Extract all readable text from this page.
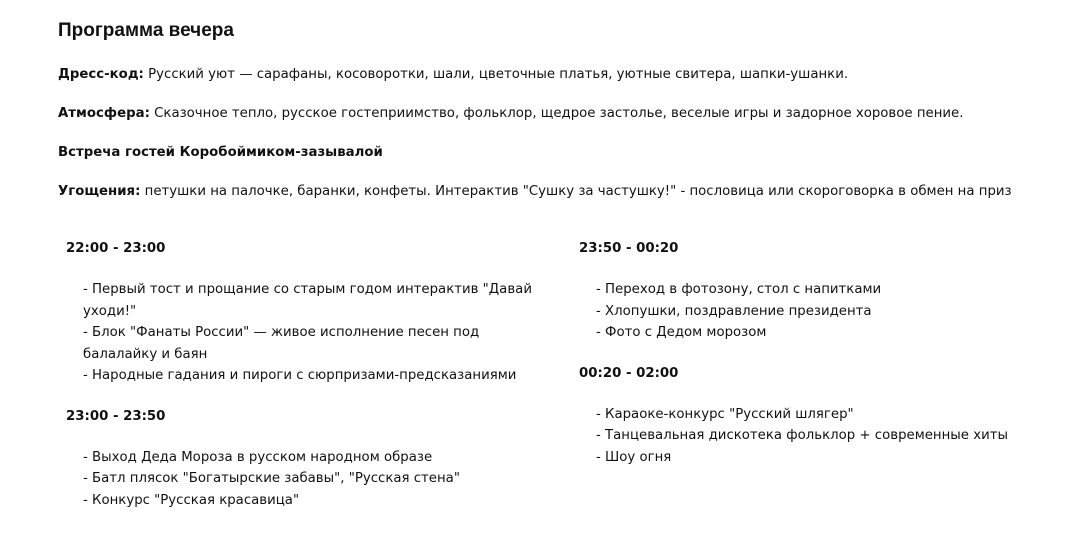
Программа вечера

Дресс-код: Русский уют — сарафаны, косоворотки, шали, цветочные платья, уютные свитера, шапки-ушанки.

Атмосфера: Сказочное тепло, русское гостеприимство, фольклор, щедрое застолье, веселые игры и задорное хоровое пение.

Встреча гостей Коробоймиком-зазывалой

Угощения: петушки на палочке, баранки, конфеты. Интерактив "Сушку за частушку!" - пословица или скороговорка в обмен на приз

22:00 - 23:00
- Первый тост и прощание со старым годом интерактив "Давай уходи!"
- Блок "Фанаты России" — живое исполнение песен под балалайку и баян
- Народные гадания и пироги с сюрпризами-предсказаниями
23:00 - 23:50
- Выход Деда Мороза в русском народном образе
- Батл плясок "Богатырские забавы", "Русская стена"
- Конкурс "Русская красавица"
23:50 - 00:20
- Переход в фотозону, стол с напитками
- Хлопушки, поздравление президента
- Фото с Дедом морозом
00:20 - 02:00
- Караоке-конкурс "Русский шлягер"
- Танцевальная дискотека фольклор + современные хиты
- Шоу огня
